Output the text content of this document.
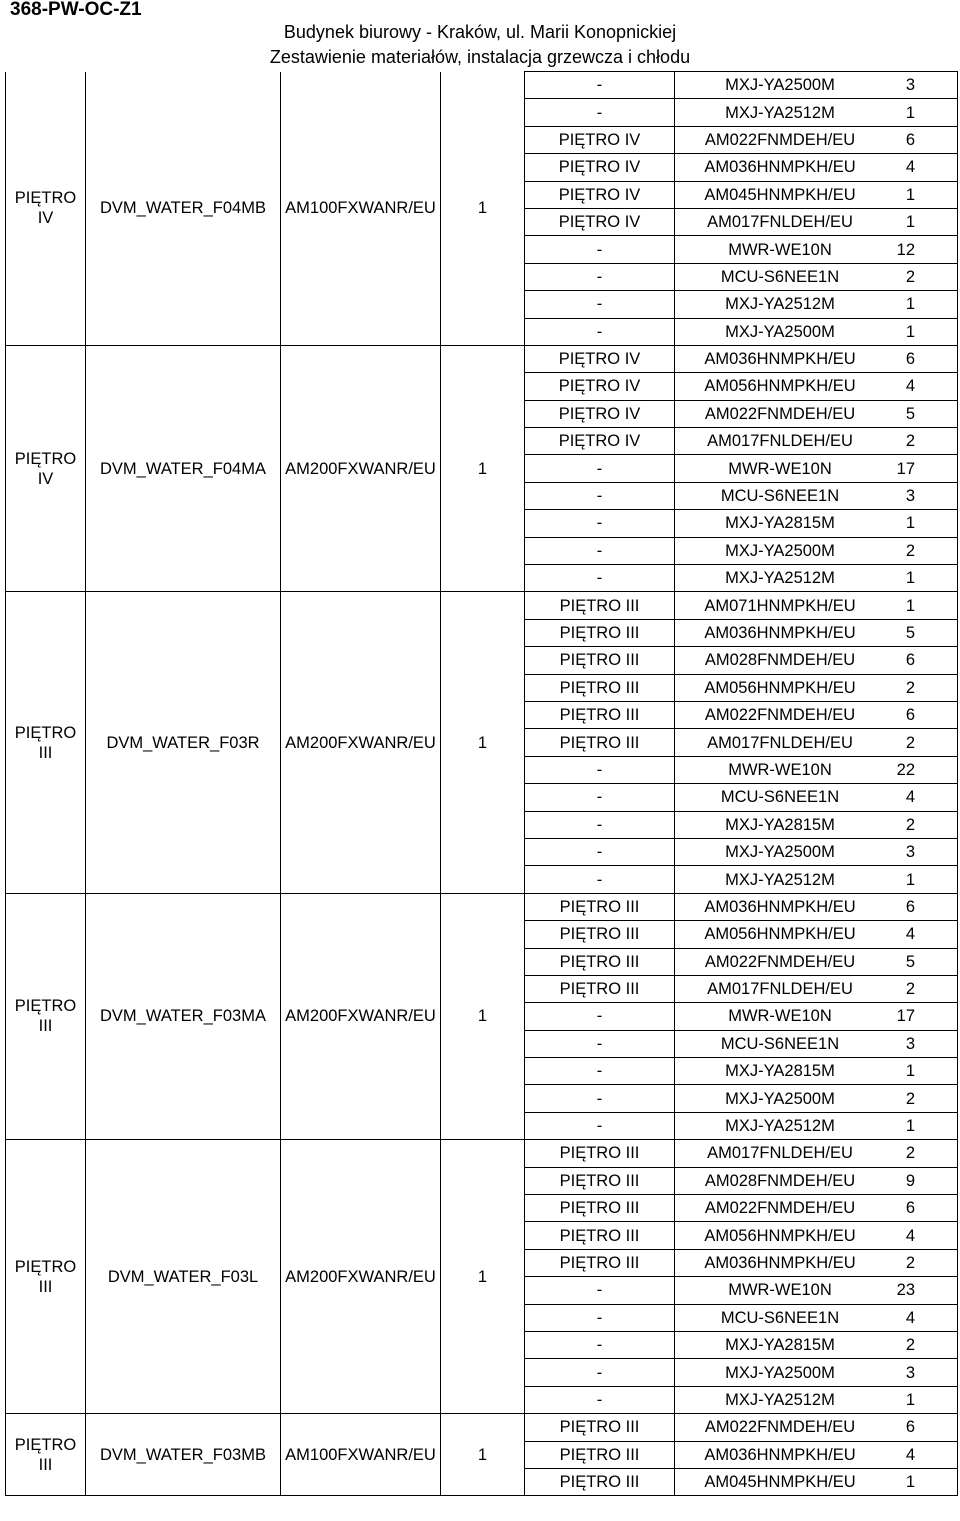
368-PW-OC-Z1
Budynek biurowy - Kraków, ul. Marii Konopnickiej
Zestawienie materiałów, instalacja grzewcza i chłodu
PIĘTRO IV	DVM_WATER_F04MB	AM100FXWANR/EU	1	-	MXJ-YA2500M 3
				-	MXJ-YA2512M 1
				PIĘTRO IV	AM022FNMDEH/EU 6
				PIĘTRO IV	AM036HNMPKH/EU 4
				PIĘTRO IV	AM045HNMPKH/EU 1
				PIĘTRO IV	AM017FNLDEH/EU 1
				-	MWR-WE10N 12
				-	MCU-S6NEE1N 2
				-	MXJ-YA2512M 1
				-	MXJ-YA2500M 1
PIĘTRO IV	DVM_WATER_F04MA	AM200FXWANR/EU	1	PIĘTRO IV	AM036HNMPKH/EU 6
				PIĘTRO IV	AM056HNMPKH/EU 4
				PIĘTRO IV	AM022FNMDEH/EU 5
				PIĘTRO IV	AM017FNLDEH/EU 2
				-	MWR-WE10N 17
				-	MCU-S6NEE1N 3
				-	MXJ-YA2815M 1
				-	MXJ-YA2500M 2
				-	MXJ-YA2512M 1
PIĘTRO III	DVM_WATER_F03R	AM200FXWANR/EU	1	PIĘTRO III	AM071HNMPKH/EU 1
				PIĘTRO III	AM036HNMPKH/EU 5
				PIĘTRO III	AM028FNMDEH/EU 6
				PIĘTRO III	AM056HNMPKH/EU 2
				PIĘTRO III	AM022FNMDEH/EU 6
				PIĘTRO III	AM017FNLDEH/EU 2
				-	MWR-WE10N 22
				-	MCU-S6NEE1N 4
				-	MXJ-YA2815M 2
				-	MXJ-YA2500M 3
				-	MXJ-YA2512M 1
PIĘTRO III	DVM_WATER_F03MA	AM200FXWANR/EU	1	PIĘTRO III	AM036HNMPKH/EU 6
				PIĘTRO III	AM056HNMPKH/EU 4
				PIĘTRO III	AM022FNMDEH/EU 5
				PIĘTRO III	AM017FNLDEH/EU 2
				-	MWR-WE10N 17
				-	MCU-S6NEE1N 3
				-	MXJ-YA2815M 1
				-	MXJ-YA2500M 2
				-	MXJ-YA2512M 1
PIĘTRO III	DVM_WATER_F03L	AM200FXWANR/EU	1	PIĘTRO III	AM017FNLDEH/EU 2
				PIĘTRO III	AM028FNMDEH/EU 9
				PIĘTRO III	AM022FNMDEH/EU 6
				PIĘTRO III	AM056HNMPKH/EU 4
				PIĘTRO III	AM036HNMPKH/EU 2
				-	MWR-WE10N 23
				-	MCU-S6NEE1N 4
				-	MXJ-YA2815M 2
				-	MXJ-YA2500M 3
				-	MXJ-YA2512M 1
PIĘTRO III	DVM_WATER_F03MB	AM100FXWANR/EU	1	PIĘTRO III	AM022FNMDEH/EU 6
				PIĘTRO III	AM036HNMPKH/EU 4
				PIĘTRO III	AM045HNMPKH/EU 1
